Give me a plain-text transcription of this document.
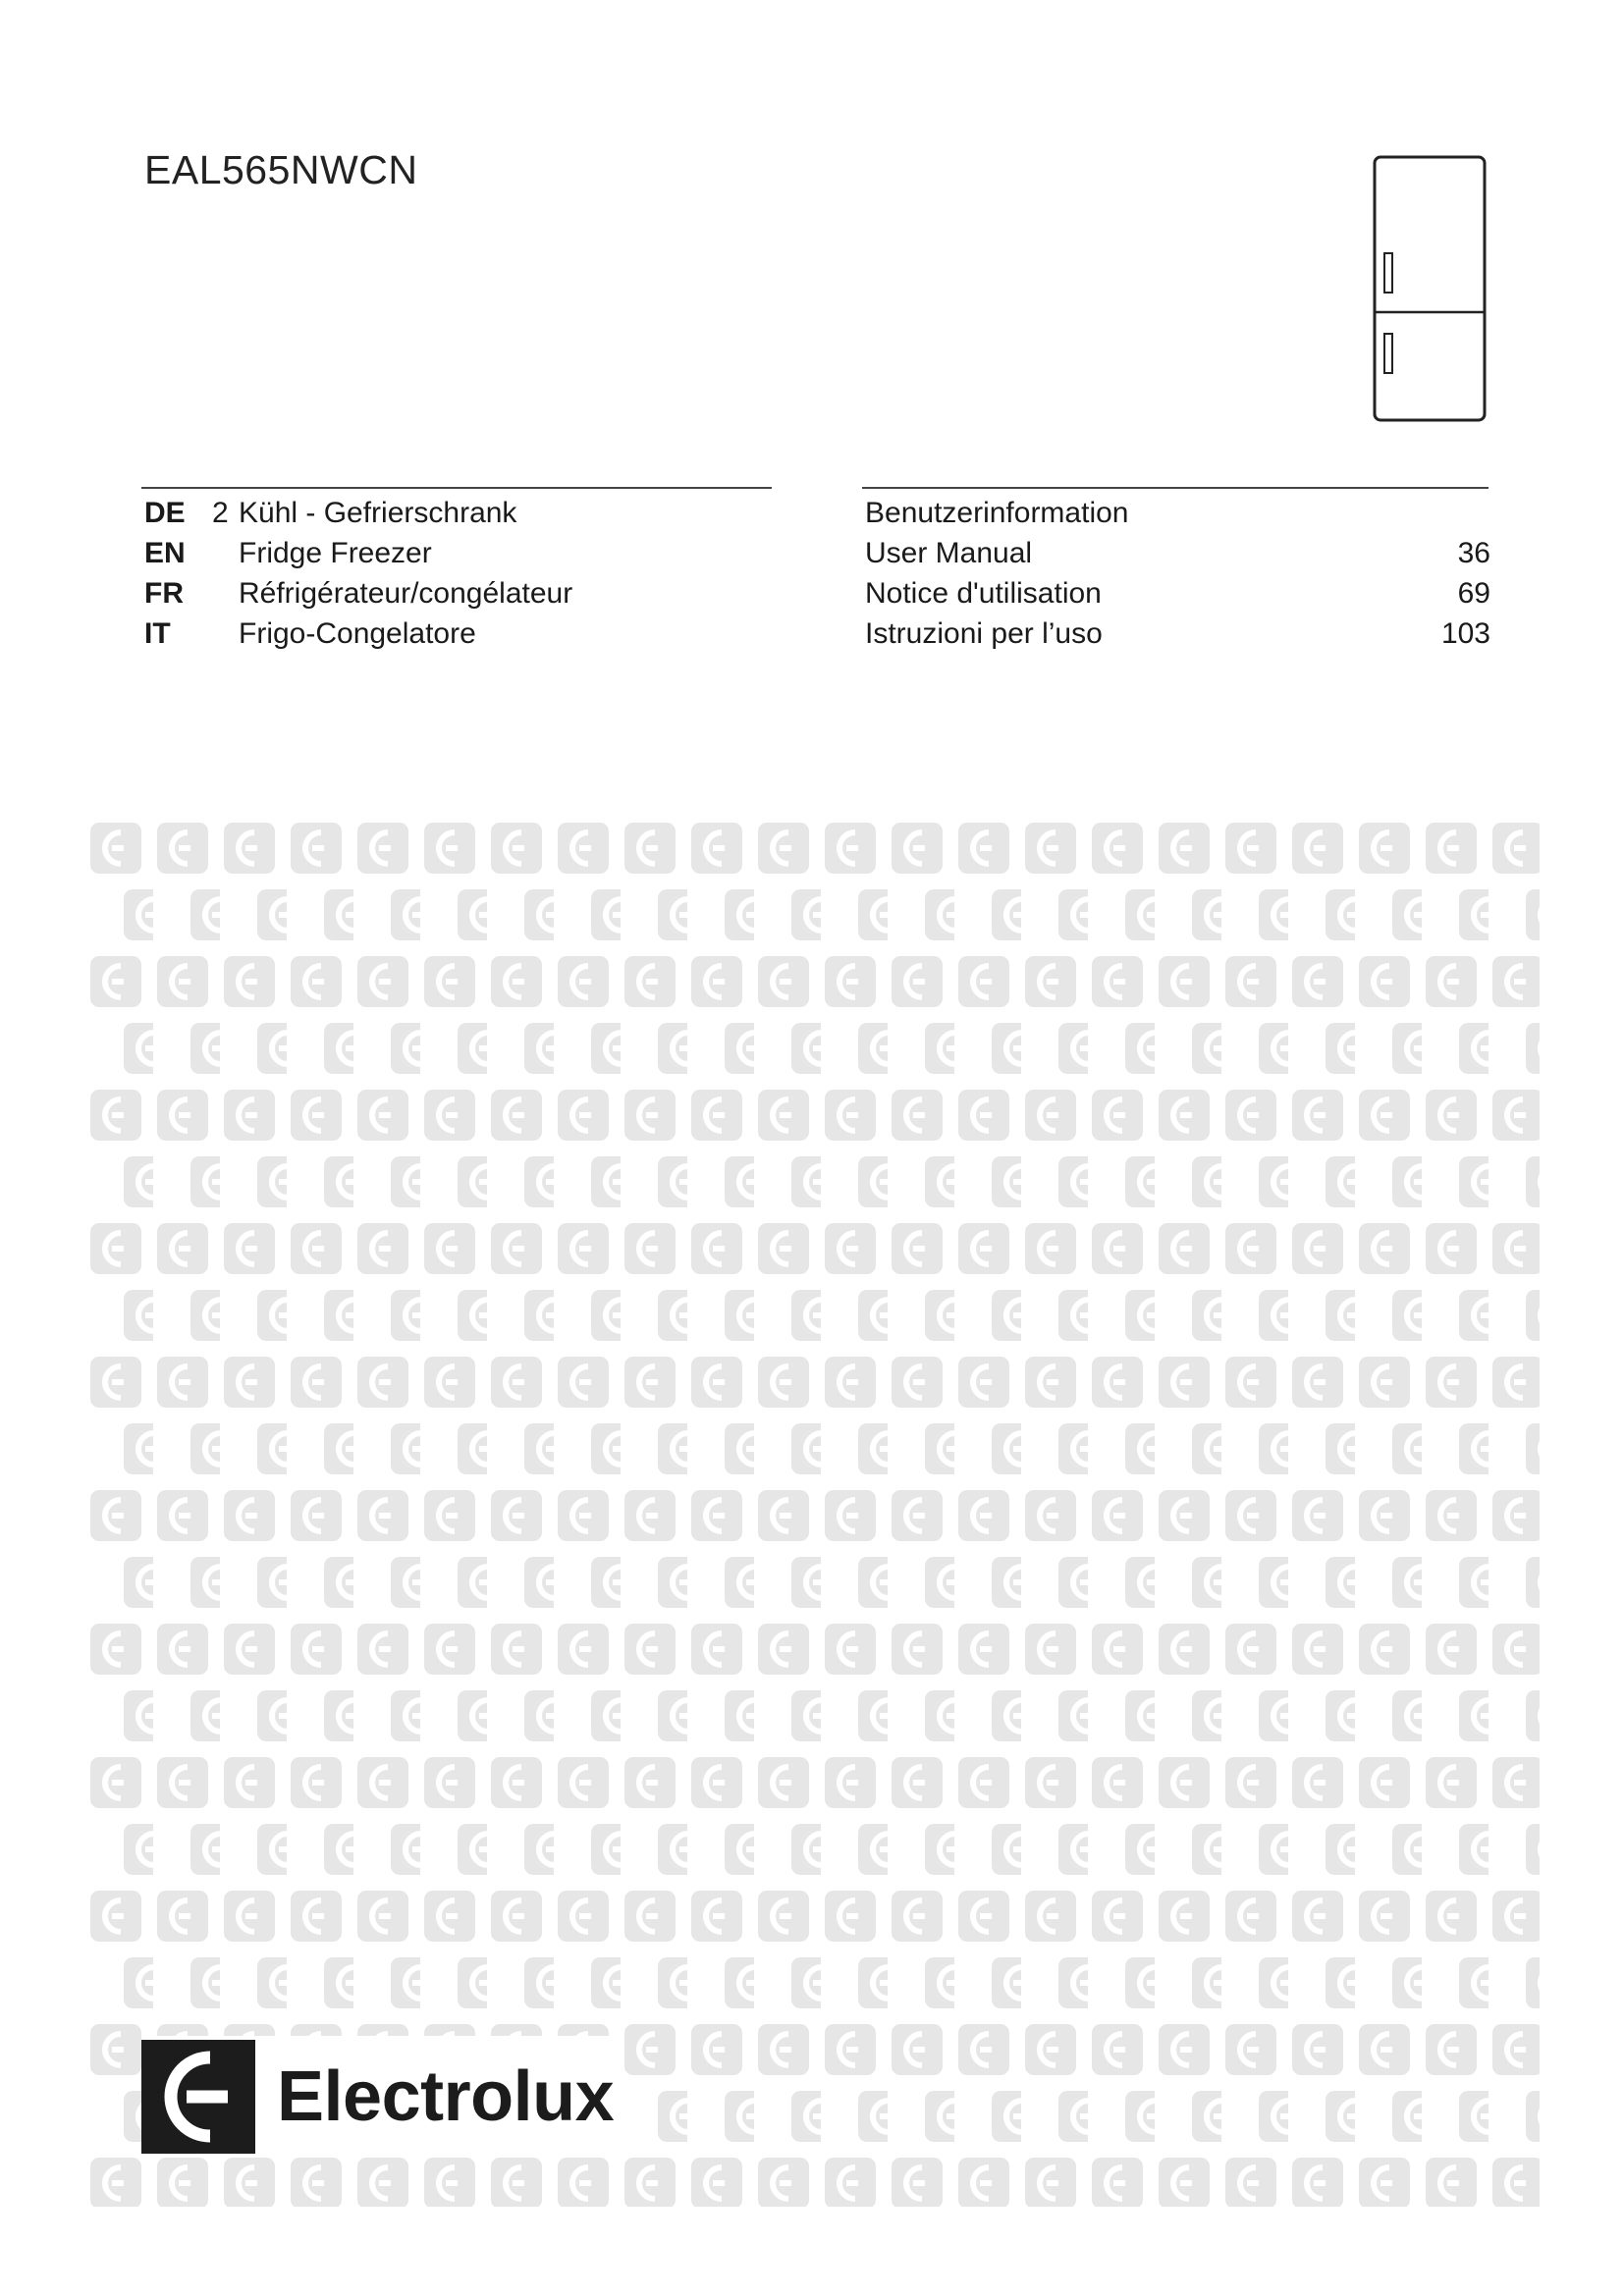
EAL565NWCN
DE 2 Kühl - Gefrierschrank	Benutzerinformation
EN Fridge Freezer	User Manual	36
FR Réfrigérateur/congélateur	Notice d'utilisation	69
IT Frigo-Congelatore	Istruzioni per l’uso	103
Electrolux
